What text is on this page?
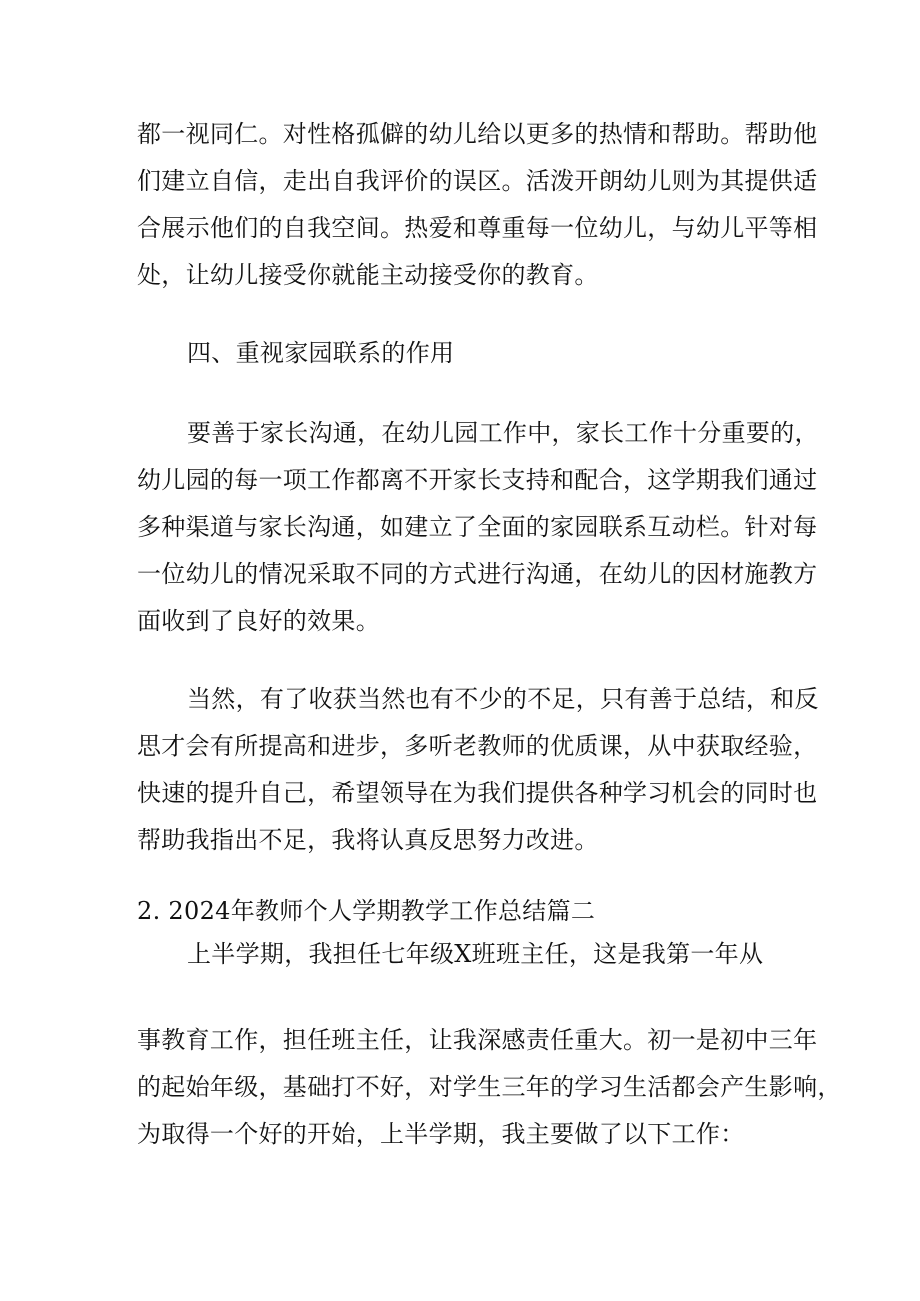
都一视同仁。对性格孤僻的幼儿给以更多的热情和帮助。帮助他
们建立自信，走出自我评价的误区。活泼开朗幼儿则为其提供适
合展示他们的自我空间。热爱和尊重每一位幼儿，与幼儿平等相
处，让幼儿接受你就能主动接受你的教育。
四、重视家园联系的作用
要善于家长沟通，在幼儿园工作中，家长工作十分重要的，
幼儿园的每一项工作都离不开家长支持和配合，这学期我们通过
多种渠道与家长沟通，如建立了全面的家园联系互动栏。针对每
一位幼儿的情况采取不同的方式进行沟通，在幼儿的因材施教方
面收到了良好的效果。
当然，有了收获当然也有不少的不足，只有善于总结，和反
思才会有所提高和进步，多听老教师的优质课，从中获取经验，
快速的提升自己，希望领导在为我们提供各种学习机会的同时也
帮助我指出不足，我将认真反思努力改进。
2. 2024年教师个人学期教学工作总结篇二
上半学期，我担任七年级X班班主任，这是我第一年从
事教育工作，担任班主任，让我深感责任重大。初一是初中三年
的起始年级，基础打不好，对学生三年的学习生活都会产生影响，
为取得一个好的开始，上半学期，我主要做了以下工作：
